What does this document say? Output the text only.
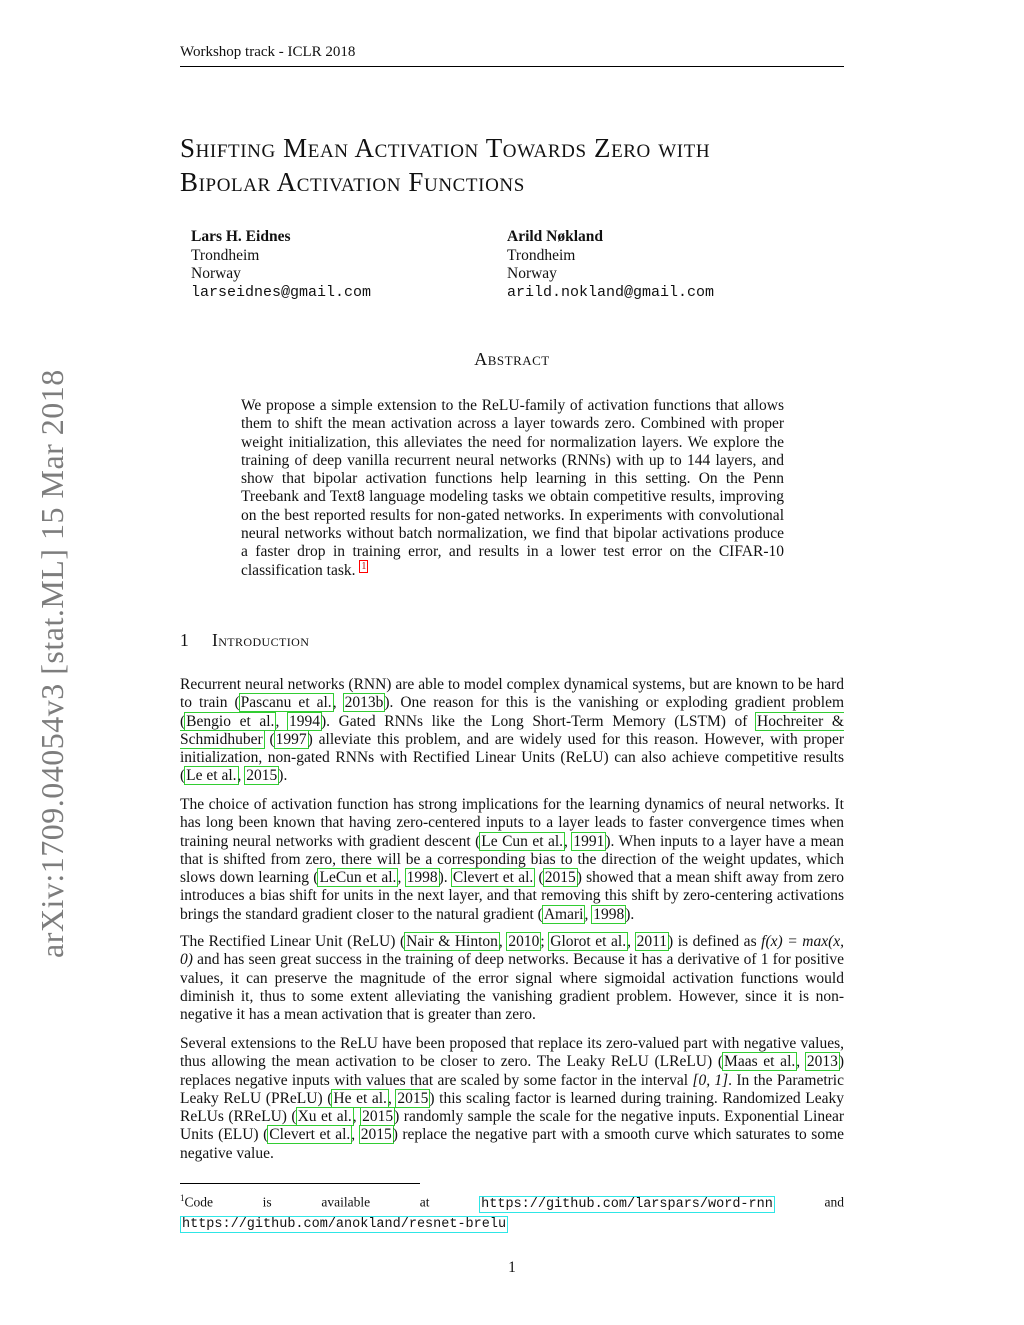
Workshop track - ICLR 2018
arXiv:1709.04054v3 [stat.ML] 15 Mar 2018
Shifting Mean Activation Towards Zero with
Bipolar Activation Functions
Lars H. Eidnes
Trondheim
Norway
larseidnes@gmail.com
Arild Nøkland
Trondheim
Norway
arild.nokland@gmail.com
Abstract
We propose a simple extension to the ReLU-family of activation functions that allows them to shift the mean activation across a layer towards zero. Combined with proper weight initialization, this alleviates the need for normalization layers. We explore the training of deep vanilla recurrent neural networks (RNNs) with up to 144 layers, and show that bipolar activation functions help learning in this setting. On the Penn Treebank and Text8 language modeling tasks we obtain competitive results, improving on the best reported results for non-gated networks. In experiments with convolutional neural networks without batch normalization, we find that bipolar activations produce a faster drop in training error, and results in a lower test error on the CIFAR-10 classification task. $^1$
1 Introduction
Recurrent neural networks (RNN) are able to model complex dynamical systems, but are known to be hard to train (Pascanu et al., 2013b). One reason for this is the vanishing or exploding gradient problem (Bengio et al., 1994). Gated RNNs like the Long Short-Term Memory (LSTM) of Hochreiter & Schmidhuber (1997) alleviate this problem, and are widely used for this reason. However, with proper initialization, non-gated RNNs with Rectified Linear Units (ReLU) can also achieve competitive results (Le et al., 2015).
The choice of activation function has strong implications for the learning dynamics of neural networks. It has long been known that having zero-centered inputs to a layer leads to faster convergence times when training neural networks with gradient descent (Le Cun et al., 1991). When inputs to a layer have a mean that is shifted from zero, there will be a corresponding bias to the direction of the weight updates, which slows down learning (LeCun et al., 1998). Clevert et al. (2015) showed that a mean shift away from zero introduces a bias shift for units in the next layer, and that removing this shift by zero-centering activations brings the standard gradient closer to the natural gradient (Amari, 1998).
The Rectified Linear Unit (ReLU) (Nair & Hinton, 2010; Glorot et al., 2011) is defined as f(x) = max(x, 0) and has seen great success in the training of deep networks. Because it has a derivative of 1 for positive values, it can preserve the magnitude of the error signal where sigmoidal activation functions would diminish it, thus to some extent alleviating the vanishing gradient problem. However, since it is non-negative it has a mean activation that is greater than zero.
Several extensions to the ReLU have been proposed that replace its zero-valued part with negative values, thus allowing the mean activation to be closer to zero. The Leaky ReLU (LReLU) (Maas et al., 2013) replaces negative inputs with values that are scaled by some factor in the interval [0, 1]. In the Parametric Leaky ReLU (PReLU) (He et al., 2015) this scaling factor is learned during training. Randomized Leaky ReLUs (RReLU) (Xu et al., 2015) randomly sample the scale for the negative inputs. Exponential Linear Units (ELU) (Clevert et al., 2015) replace the negative part with a smooth curve which saturates to some negative value.
$^1$Code is available at https://github.com/larspars/word-rnn and https://github.com/anokland/resnet-brelu
1
